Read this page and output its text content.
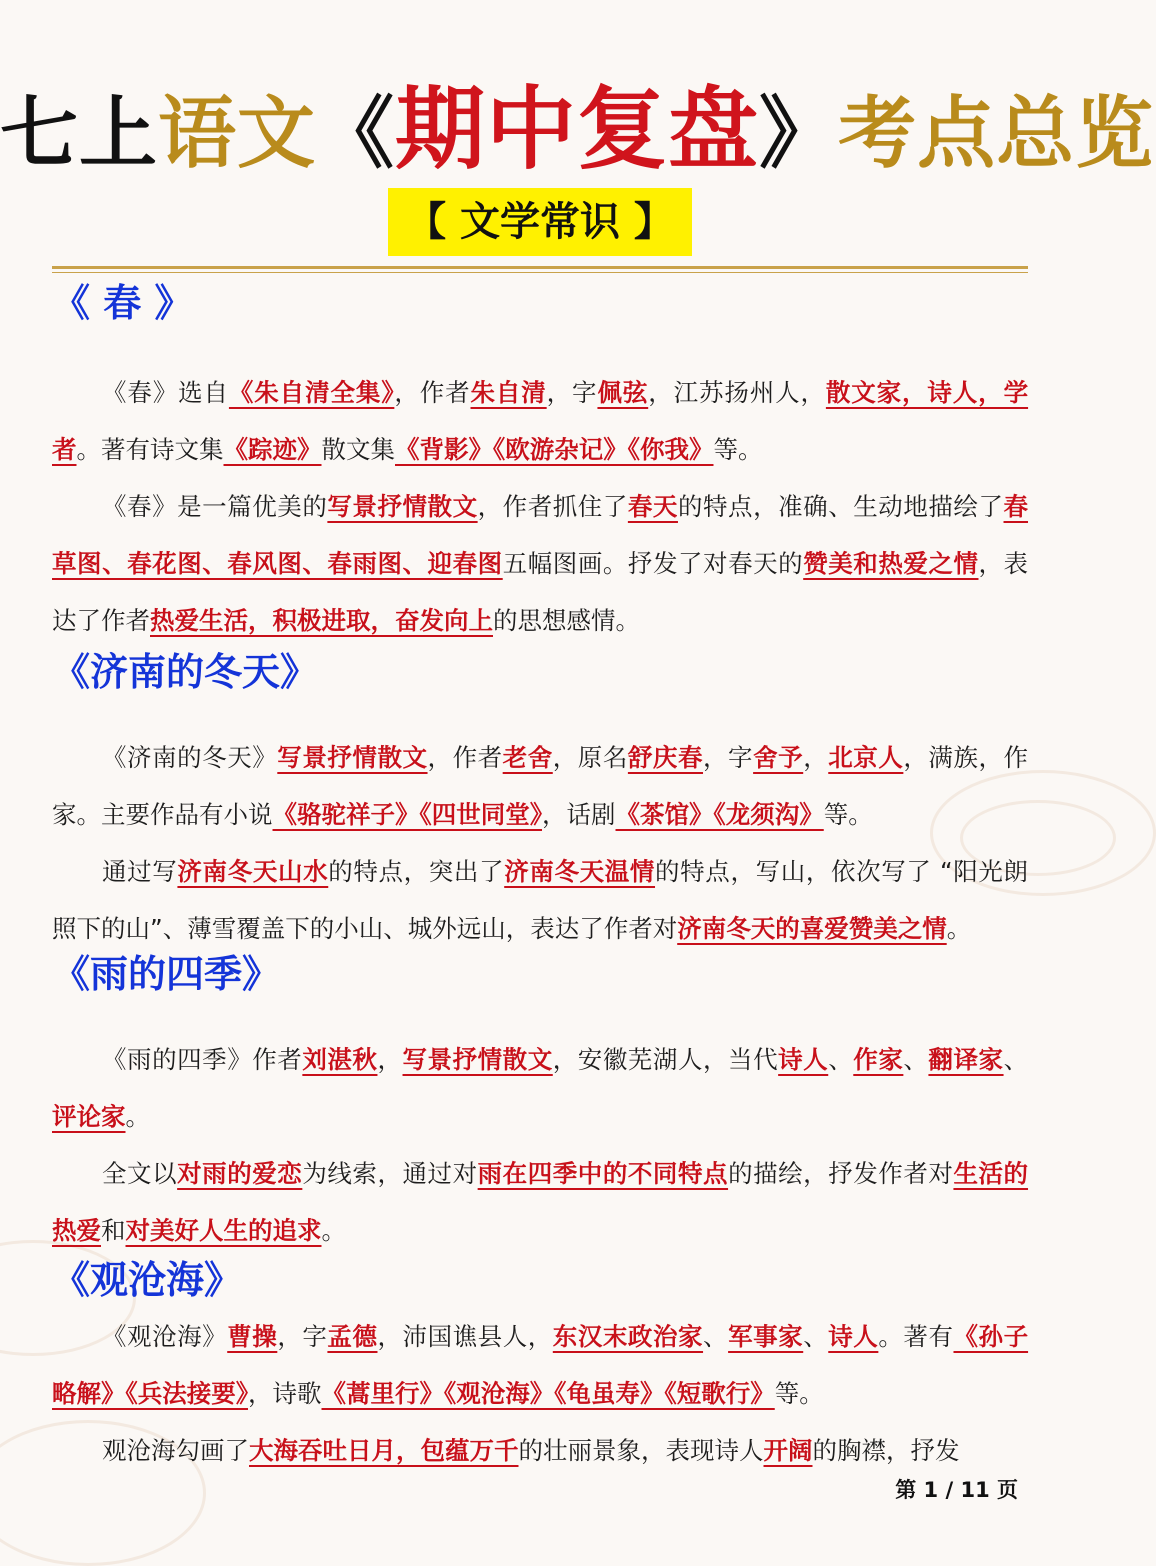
七上语文《期中复盘》考点总览
【 文学常识 】
《 春 》

《春》选自《朱自清全集》，作者朱自清，字佩弦，江苏扬州人，散文家，诗人，学者。著有诗文集《踪迹》散文集《背影》《欧游杂记》《你我》等。

《春》是一篇优美的写景抒情散文，作者抓住了春天的特点，准确、生动地描绘了春草图、春花图、春风图、春雨图、迎春图五幅图画。抒发了对春天的赞美和热爱之情，表达了作者热爱生活，积极进取，奋发向上的思想感情。

《济南的冬天》

《济南的冬天》写景抒情散文，作者老舍，原名舒庆春，字舍予，北京人，满族，作家。主要作品有小说《骆驼祥子》《四世同堂》，话剧《茶馆》《龙须沟》等。

通过写济南冬天山水的特点，突出了济南冬天温情的特点，写山，依次写了 “阳光朗照下的山”、薄雪覆盖下的小山、城外远山，表达了作者对济南冬天的喜爱赞美之情。

《雨的四季》

《雨的四季》作者刘湛秋，写景抒情散文，安徽芜湖人，当代诗人、作家、翻译家、评论家。

全文以对雨的爱恋为线索，通过对雨在四季中的不同特点的描绘，抒发作者对生活的热爱和对美好人生的追求。

《观沧海》

《观沧海》曹操，字孟德，沛国谯县人，东汉末政治家、军事家、诗人。著有《孙子略解》《兵法接要》，诗歌《蒿里行》《观沧海》《龟虽寿》《短歌行》等。

观沧海勾画了大海吞吐日月，包蕴万千的壮丽景象，表现诗人开阔的胸襟，抒发

第 1 / 11 页
